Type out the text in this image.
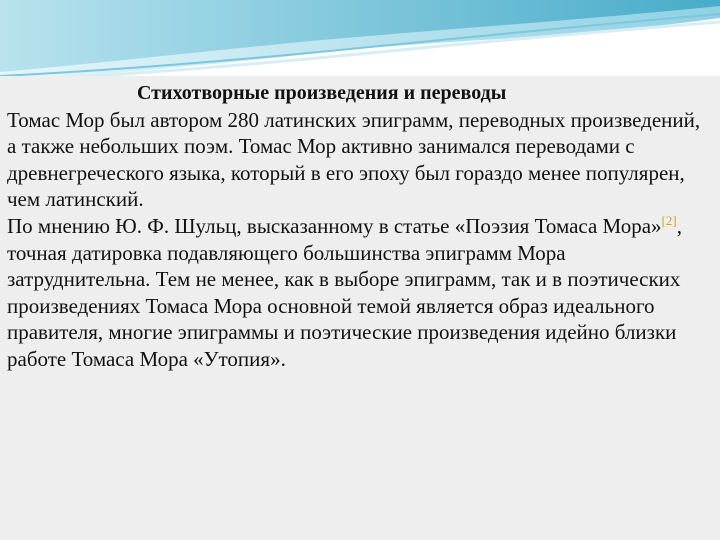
Стихотворные произведения и переводы

Томас Мор был автором 280 латинских эпиграмм, переводных произведений, а также небольших поэм. Томас Мор активно занимался переводами с древнегреческого языка, который в его эпоху был гораздо менее популярен, чем латинский.

По мнению Ю. Ф. Шульц, высказанному в статье «Поэзия Томаса Мора»[2], точная датировка подавляющего большинства эпиграмм Мора затруднительна. Тем не менее, как в выборе эпиграмм, так и в поэтических произведениях Томаса Мора основной темой является образ идеального правителя, многие эпиграммы и поэтические произведения идейно близки работе Томаса Мора «Утопия».
